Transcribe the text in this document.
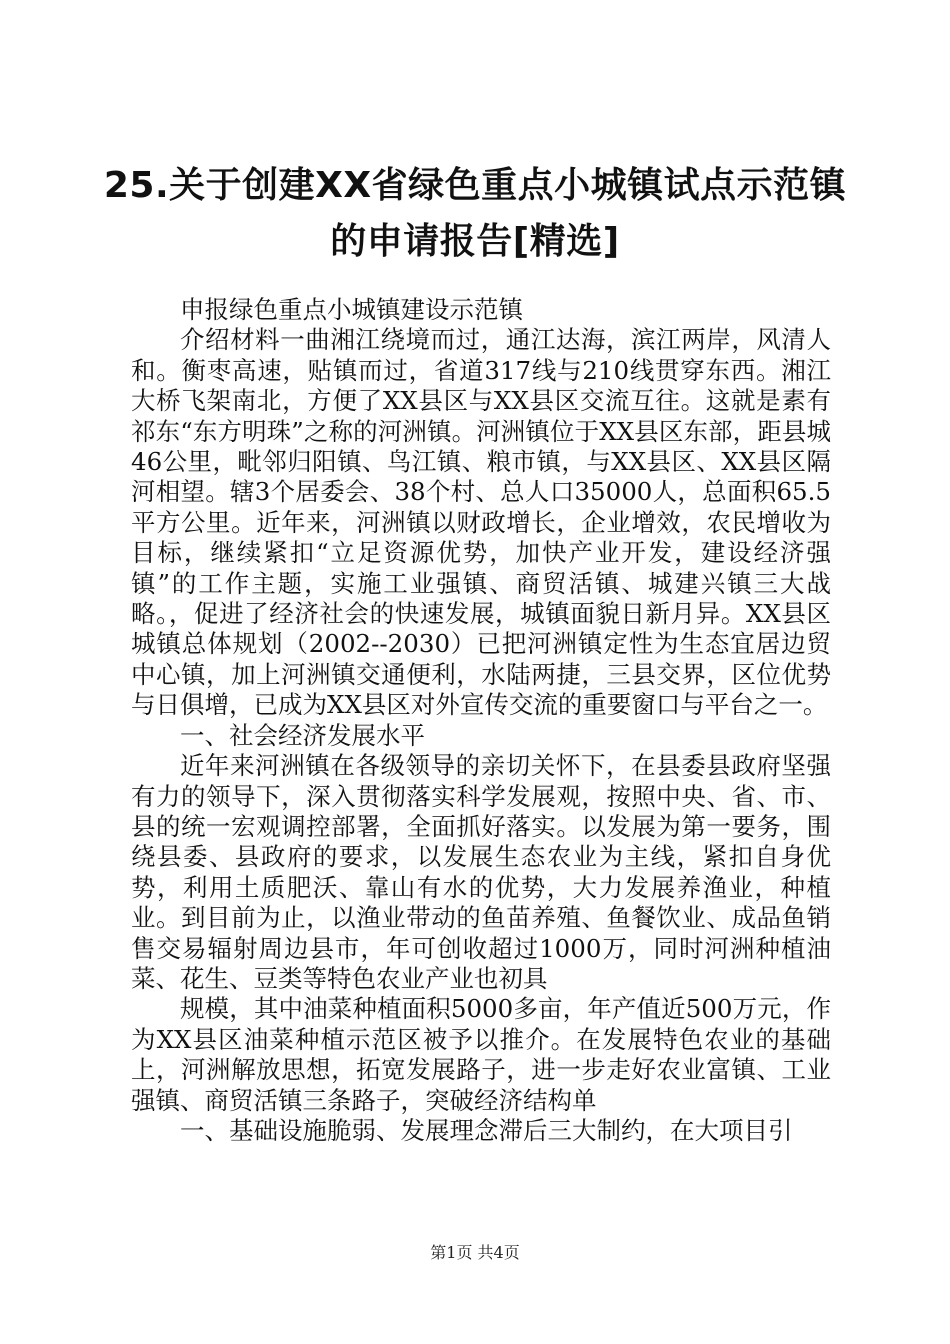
25.关于创建XX省绿色重点小城镇试点示范镇
的申请报告[精选]

申报绿色重点小城镇建设示范镇

介绍材料一曲湘江绕境而过，通江达海，滨江两岸，风清人和。衡枣高速，贴镇而过，省道317线与210线贯穿东西。湘江大桥飞架南北，方便了XX县区与XX县区交流互往。这就是素有祁东“东方明珠”之称的河洲镇。河洲镇位于XX县区东部，距县城46公里，毗邻归阳镇、鸟江镇、粮市镇，与XX县区、XX县区隔河相望。辖3个居委会、38个村、总人口35000人，总面积65.5平方公里。近年来，河洲镇以财政增长，企业增效，农民增收为目标，继续紧扣“立足资源优势，加快产业开发，建设经济强镇”的工作主题，实施工业强镇、商贸活镇、城建兴镇三大战略。，促进了经济社会的快速发展，城镇面貌日新月异。XX县区城镇总体规划（2002--2030）已把河洲镇定性为生态宜居边贸中心镇，加上河洲镇交通便利，水陆两捷，三县交界，区位优势与日俱增，已成为XX县区对外宣传交流的重要窗口与平台之一。

一、社会经济发展水平

近年来河洲镇在各级领导的亲切关怀下，在县委县政府坚强有力的领导下，深入贯彻落实科学发展观，按照中央、省、市、县的统一宏观调控部署，全面抓好落实。以发展为第一要务，围绕县委、县政府的要求，以发展生态农业为主线，紧扣自身优势，利用土质肥沃、靠山有水的优势，大力发展养渔业，种植业。到目前为止，以渔业带动的鱼苗养殖、鱼餐饮业、成品鱼销售交易辐射周边县市，年可创收超过1000万，同时河洲种植油菜、花生、豆类等特色农业产业也初具

规模，其中油菜种植面积5000多亩，年产值近500万元，作为XX县区油菜种植示范区被予以推介。在发展特色农业的基础上，河洲解放思想，拓宽发展路子，进一步走好农业富镇、工业强镇、商贸活镇三条路子，突破经济结构单

一、基础设施脆弱、发展理念滞后三大制约，在大项目引

第1页 共4页
